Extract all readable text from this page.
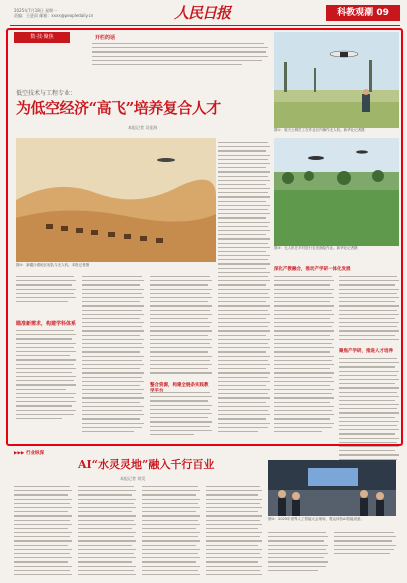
2025年7月18日 星期一
责编：王进雨 邮箱：xxxx@peopledaily.cn	人民日报	科教观潮 09
数·技·聚焦	开栏的话
低空技术与工程专业：
为低空经济“高飞”培养复合人才
本报记者 吴佳海	图①：航天云网员工在作业区内操作无人机。新华社记者摄
图②：新疆沙漠地区驼队与无人机。本报记者摄
图③：无人机在乡村进行农田测绘作业。新华社记者摄
瞄准新需求，构建学科体系
整合资源，构建全链条实践教
深化产教融合，推动产学研一体化发展
聚焦产学研，推进人才培养
▶▶▶ 行业纵深
AI“水灵灵地”融入千行百业
本报记者 刘昊
图④：2025年世界人工智能大会现场，观众体验AI智能设备。
